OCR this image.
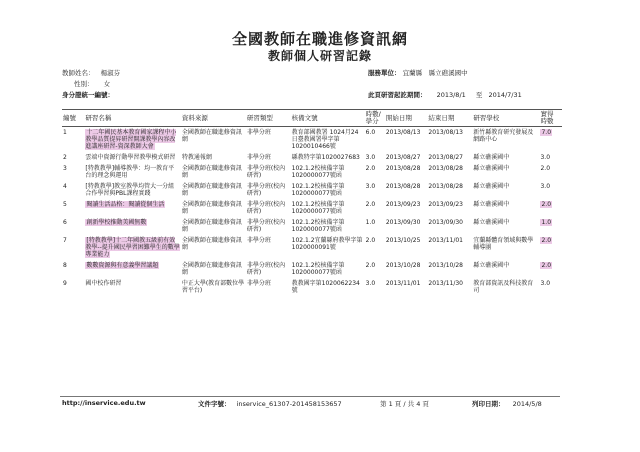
全國教師在職進修資訊網
教師個人研習記錄
教師姓名： 楊淑芬	服務單位： 宜蘭縣　縣立礁溪國中
性別： 女
身分證統一編號：	此頁研習起訖期間： 2013/8/1 至 2014/7/31
編號	研習名稱	資料來源	研習類型	核備文號	時數/
學分	開始日期	結束日期	研習學校	實得
時數
1	十二年國民基本教育國家課程中小教學品質提昇研習開課教學內容改進講座研習-資深教師大會	全國教師在職進修資訊網	非學分班	教育部國教署 1024月24日臺教國署學字第1020010466號	6.0	2013/08/13	2013/08/13	新竹縣教育研究發展及網路中心	7.0
2	雲端中資源行動學習教學模式研習	特教通報網	非學分班	縣教特字第1020027683	3.0	2013/08/27	2013/08/27	縣立礁溪國中	3.0
3	[特教教學]輔導教學：均一教育平台的理念與運用	全國教師在職進修資訊網	非學分班(校內研習)	102.1.2校核備字第1020000077號函	2.0	2013/08/28	2013/08/28	縣立礁溪國中	2.0
4	[特教教學]教室教學均管大一分組合作學習與PBL課程實踐	全國教師在職進修資訊網	非學分班(校內研習)	102.1.2校核備字第1020000077號函	3.0	2013/08/28	2013/08/28	縣立礁溪國中	3.0
5	閱讀生活品格：閱讀從個生活	全國教師在職進修資訊網	非學分班(校內研習)	102.1.2校核備字第1020000077號函	2.0	2013/09/23	2013/09/23	縣立礁溪國中	2.0
6	創新學校推動美國無數	全國教師在職進修資訊網	非學分班(校內研習)	102.1.2校核備字第1020000077號函	1.0	2013/09/30	2013/09/30	縣立礁溪國中	1.0
7	[特教教學]十二年國教五級前有效教學--提升國民學習困難學生的數學專業能力	全國教師在職進修資訊網	非學分班	102.1.2宜蘭縣府教學字第1020000091號	2.0	2013/10/25	2013/11/01	宜蘭縣體育領域與數學輔導團	2.0
8	數數資源與有意義學習議題	全國教師在職進修資訊網	非學分班(校內研習)	102.1.2校核備字第1020000077號函	2.0	2013/10/28	2013/10/28	縣立礁溪國中	2.0
9	國中校作研習	中正大學(教育部數位學習平台)	非學分班	教教國字第1020062234號	3.0	2013/11/01	2013/11/30	教育部資訊及科技教育司	3.0
http://inservice.edu.tw	文件字號： inservice_61307-201458153657	第 1 頁 / 共 4 頁	列印日期： 2014/5/8
